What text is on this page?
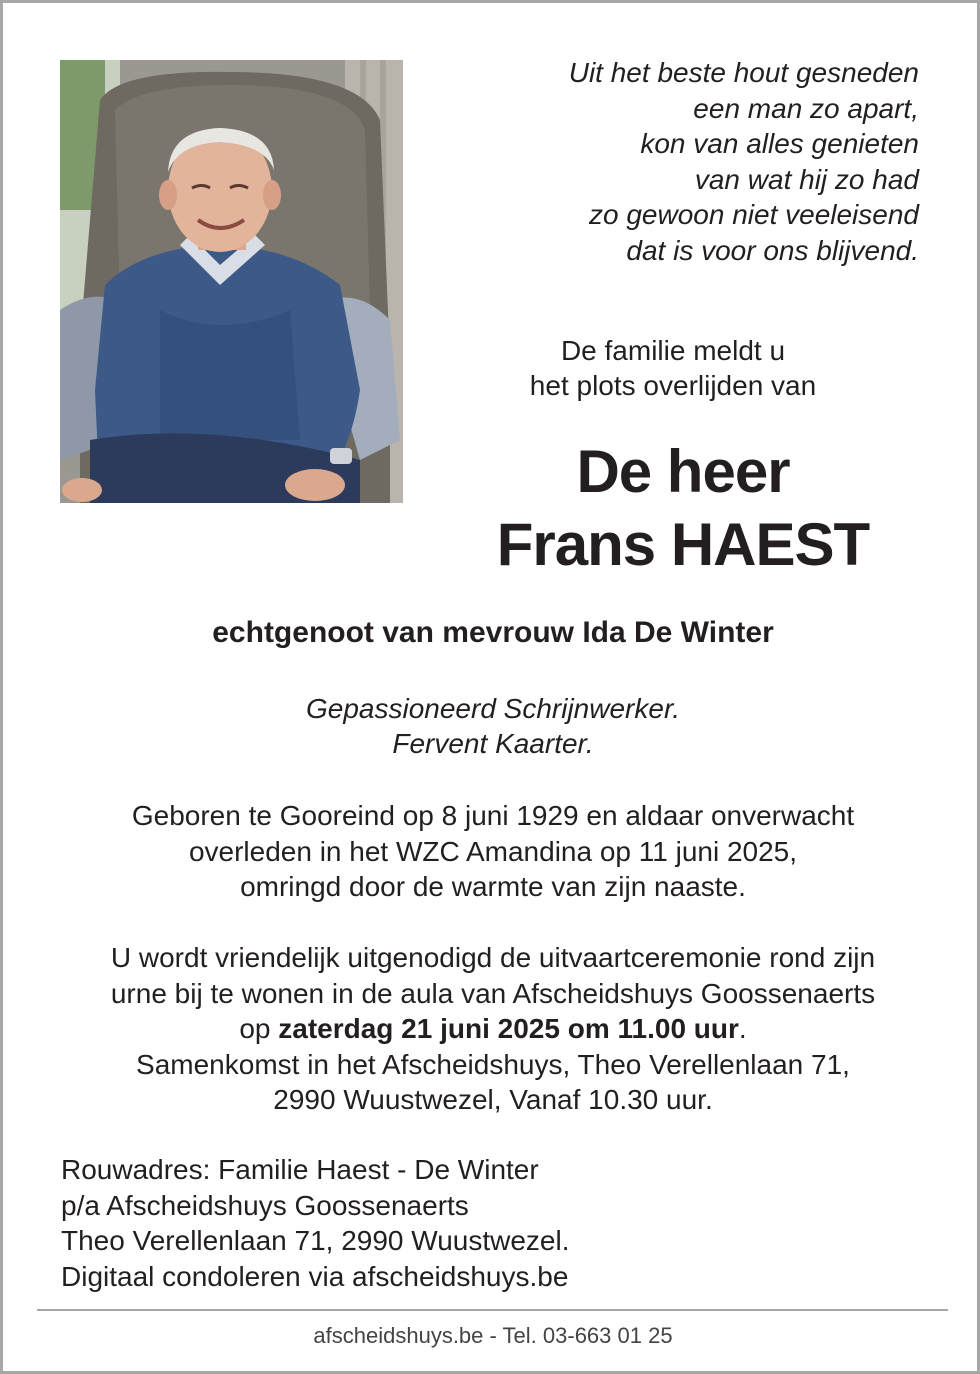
Uit het beste hout gesneden
een man zo apart,
kon van alles genieten
van wat hij zo had
zo gewoon niet veeleisend
dat is voor ons blijvend.
De familie meldt u
het plots overlijden van
De heer
Frans HAEST
echtgenoot van mevrouw Ida De Winter
Gepassioneerd Schrijnwerker.
Fervent Kaarter.
Geboren te Gooreind op 8 juni 1929 en aldaar onverwacht
overleden in het WZC Amandina op 11 juni 2025,
omringd door de warmte van zijn naaste.
U wordt vriendelijk uitgenodigd de uitvaartceremonie rond zijn
urne bij te wonen in de aula van Afscheidshuys Goossenaerts
op zaterdag 21 juni 2025 om 11.00 uur.
Samenkomst in het Afscheidshuys, Theo Verellenlaan 71,
2990 Wuustwezel, Vanaf 10.30 uur.
Rouwadres: Familie Haest - De Winter
p/a Afscheidshuys Goossenaerts
Theo Verellenlaan 71, 2990 Wuustwezel.
Digitaal condoleren via afscheidshuys.be
afscheidshuys.be - Tel. 03-663 01 25
